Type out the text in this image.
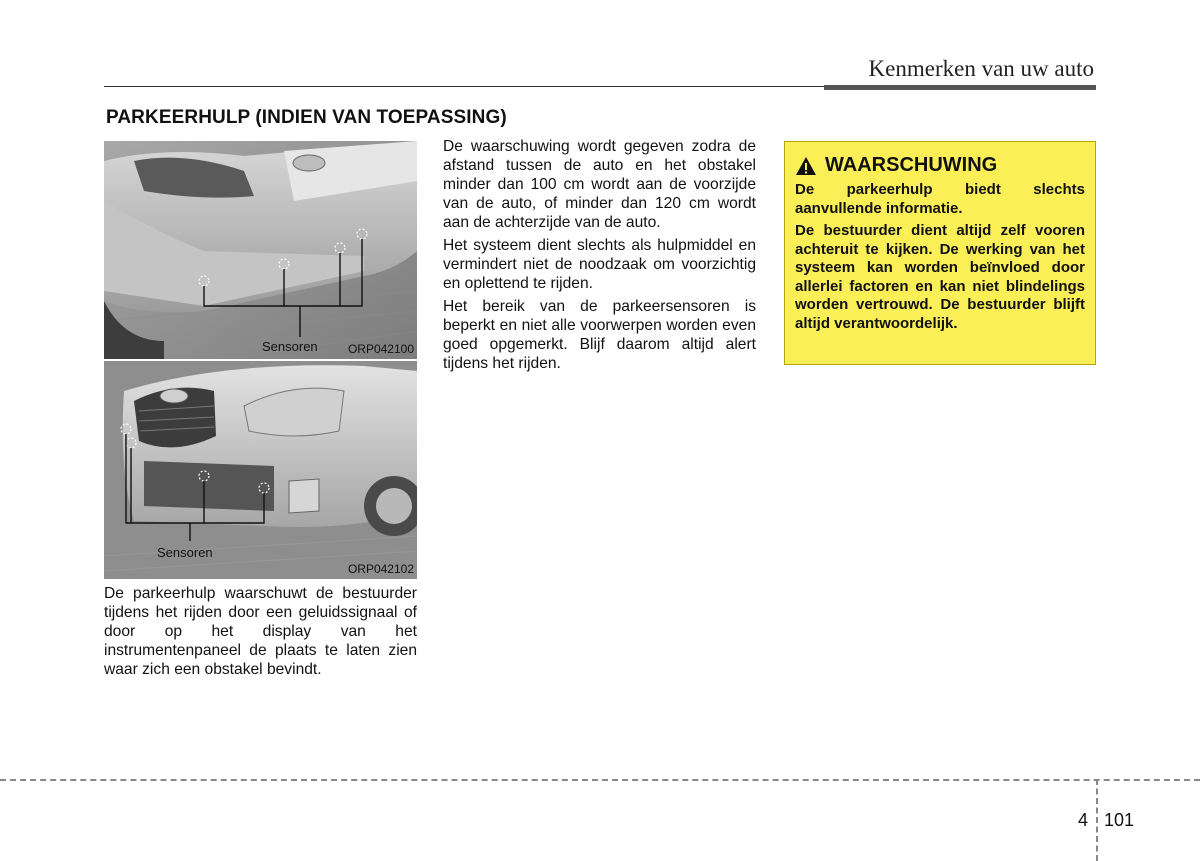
Kenmerken van uw auto
PARKEERHULP (INDIEN VAN TOEPASSING)
Sensoren	ORP042100
Sensoren
ORP042102

De parkeerhulp waarschuwt de bestuurder tijdens het rijden door een geluidssignaal of door op het display van het instrumentenpaneel de plaats te laten zien waar zich een obstakel bevindt.

De waarschuwing wordt gegeven zodra de afstand tussen de auto en het obstakel minder dan 100 cm wordt aan de voorzijde van de auto, of minder dan 120 cm wordt aan de achterzijde van de auto.

Het systeem dient slechts als hulpmiddel en vermindert niet de noodzaak om voorzichtig en oplettend te rijden.

Het bereik van de parkeersensoren is beperkt en niet alle voorwerpen worden even goed opgemerkt. Blijf daarom altijd alert tijdens het rijden.

WAARSCHUWING

De parkeerhulp biedt slechts aanvullende informatie.

De bestuurder dient altijd zelf vooren achteruit te kijken. De werking van het systeem kan worden beïnvloed door allerlei factoren en kan niet blindelings worden vertrouwd. De bestuurder blijft altijd verantwoordelijk.

4 101
